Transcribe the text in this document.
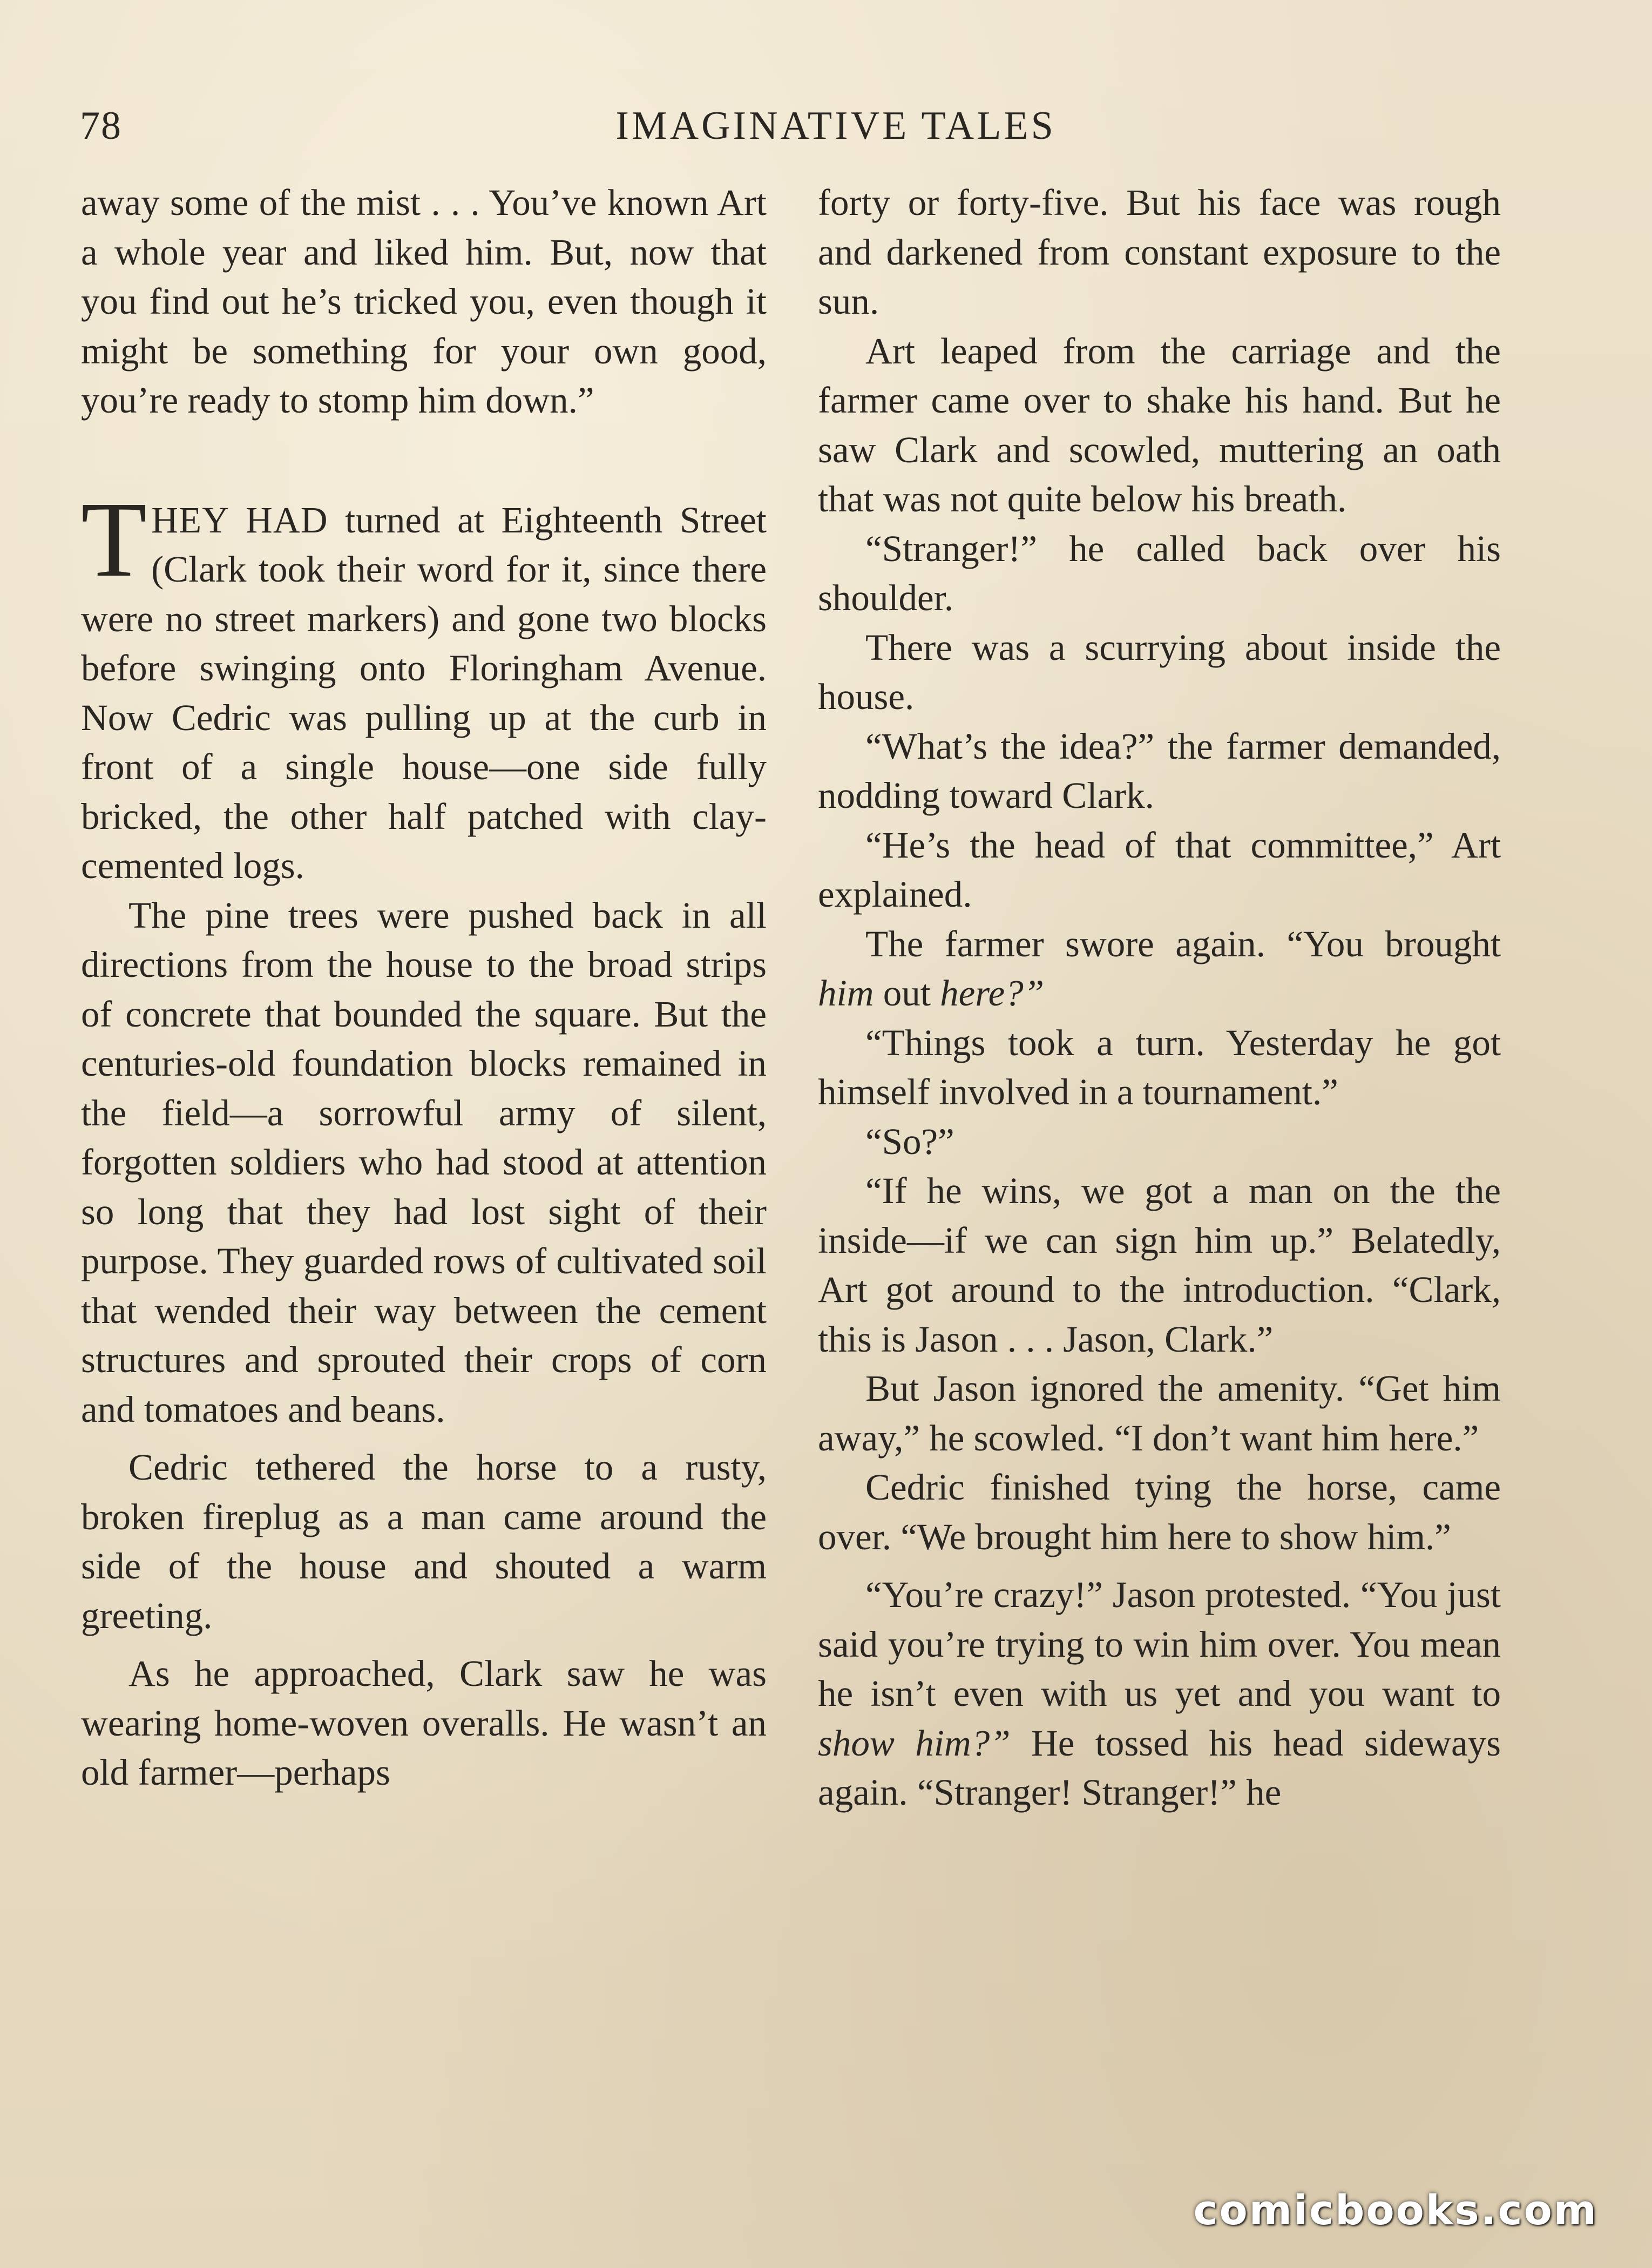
78	IMAGINATIVE TALES

away some of the mist . . . You’ve known Art a whole year and liked him. But, now that you find out he’s tricked you, even though it might be something for your own good, you’re ready to stomp him down.”

THEY HAD turned at Eighteenth Street (Clark took their word for it, since there were no street markers) and gone two blocks before swinging onto Floringham Avenue. Now Cedric was pulling up at the curb in front of a single house—one side fully bricked, the other half patched with clay-cemented logs.

The pine trees were pushed back in all directions from the house to the broad strips of concrete that bounded the square. But the centuries-old foundation blocks remained in the field—a sorrowful army of silent, forgotten soldiers who had stood at attention so long that they had lost sight of their purpose. They guarded rows of cultivated soil that wended their way between the cement structures and sprouted their crops of corn and tomatoes and beans.

Cedric tethered the horse to a rusty, broken fireplug as a man came around the side of the house and shouted a warm greeting.

As he approached, Clark saw he was wearing home-woven overalls. He wasn’t an old farmer—perhaps

forty or forty-five. But his face was rough and darkened from constant exposure to the sun.

Art leaped from the carriage and the farmer came over to shake his hand. But he saw Clark and scowled, muttering an oath that was not quite below his breath.

“Stranger!” he called back over his shoulder.

There was a scurrying about inside the house.

“What’s the idea?” the farmer demanded, nodding toward Clark.

“He’s the head of that committee,” Art explained.

The farmer swore again. “You brought him out here?”

“Things took a turn. Yesterday he got himself involved in a tournament.”

“So?”

“If he wins, we got a man on the the inside—if we can sign him up.” Belatedly, Art got around to the introduction. “Clark, this is Jason . . . Jason, Clark.”

But Jason ignored the amenity. “Get him away,” he scowled. “I don’t want him here.”

Cedric finished tying the horse, came over. “We brought him here to show him.”

“You’re crazy!” Jason protested. “You just said you’re trying to win him over. You mean he isn’t even with us yet and you want to show him?” He tossed his head sideways again. “Stranger! Stranger!” he

comicbooks.com
